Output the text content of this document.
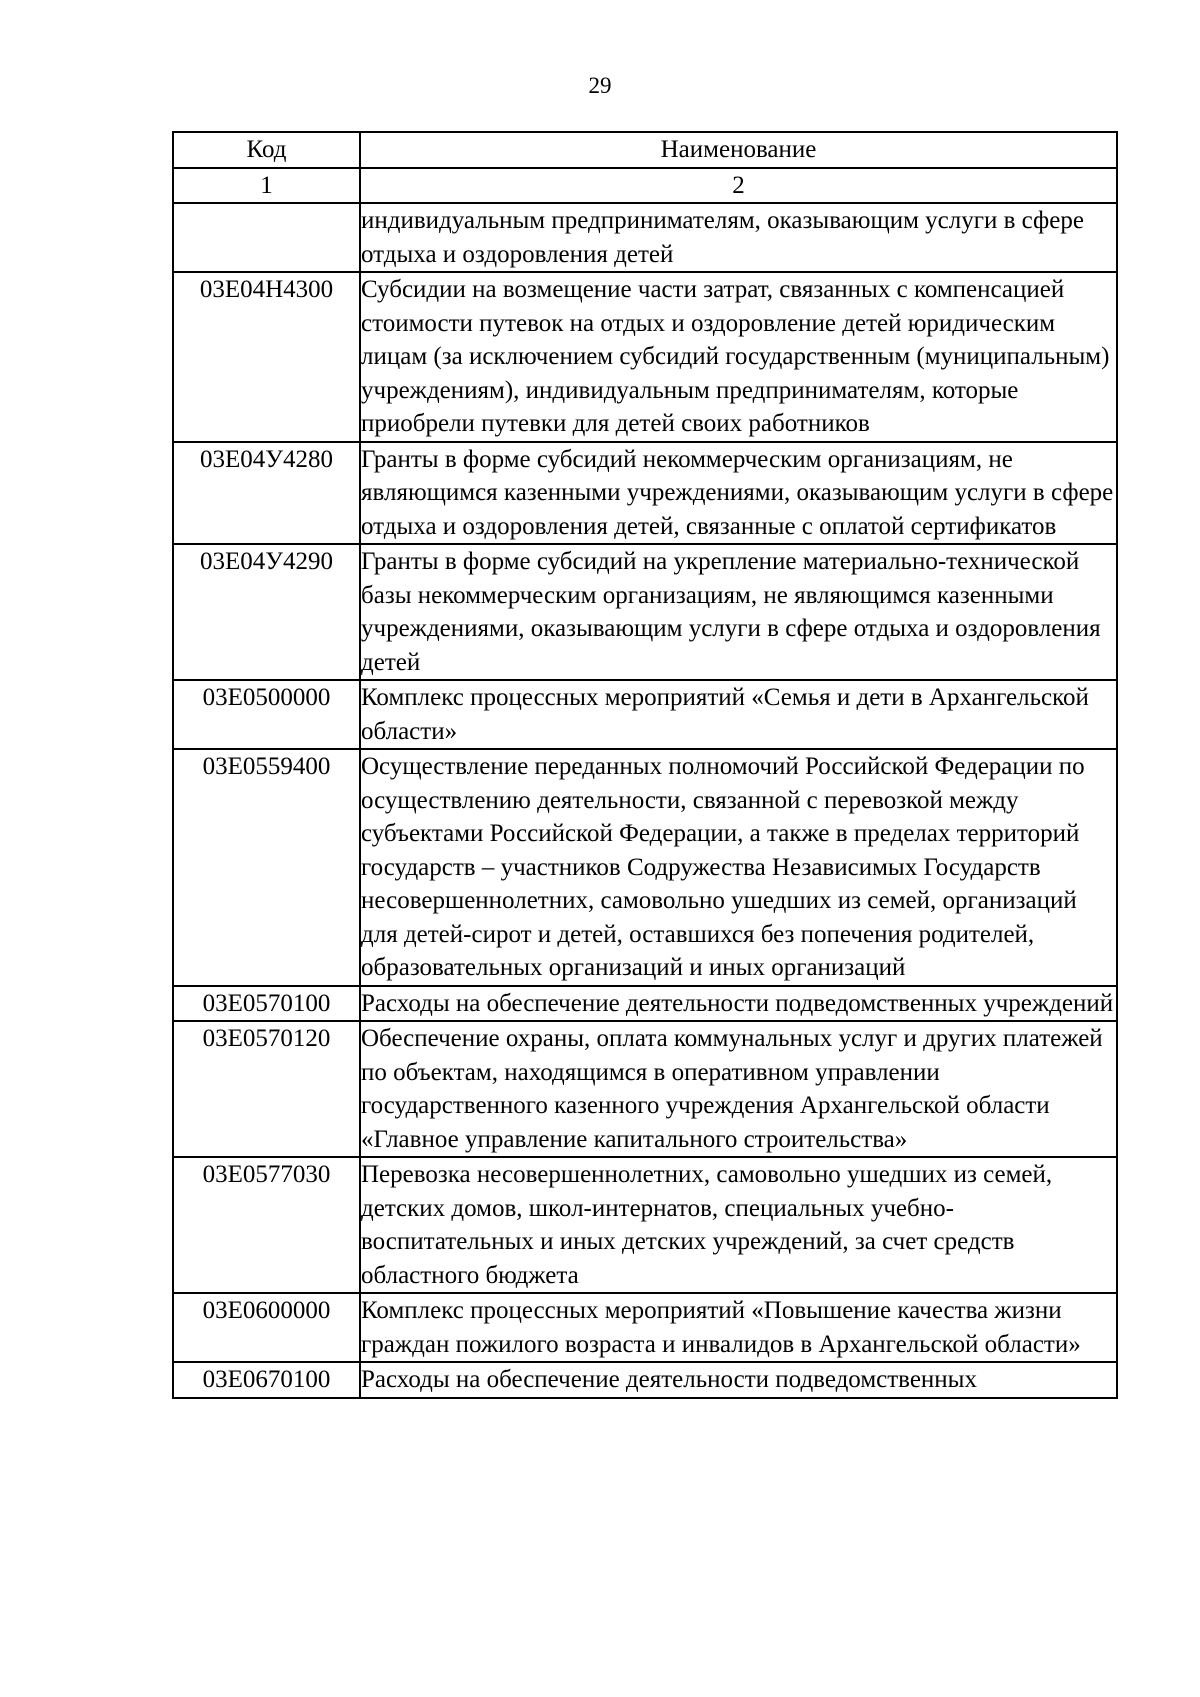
29
Код	Наименование
1	2
	индивидуальным предпринимателям, оказывающим услуги в сфере отдыха и оздоровления детей
03Е04Н4300	Субсидии на возмещение части затрат, связанных с компенсацией стоимости путевок на отдых и оздоровление детей юридическим лицам (за исключением субсидий государственным (муниципальным) учреждениям), индивидуальным предпринимателям, которые приобрели путевки для детей своих работников
03Е04У4280	Гранты в форме субсидий некоммерческим организациям, не являющимся казенными учреждениями, оказывающим услуги в сфере отдыха и оздоровления детей, связанные с оплатой сертификатов
03Е04У4290	Гранты в форме субсидий на укрепление материально-технической базы некоммерческим организациям, не являющимся казенными учреждениями, оказывающим услуги в сфере отдыха и оздоровления детей
03Е0500000	Комплекс процессных мероприятий «Семья и дети в Архангельской области»
03Е0559400	Осуществление переданных полномочий Российской Федерации по осуществлению деятельности, связанной с перевозкой между субъектами Российской Федерации, а также в пределах территорий государств – участников Содружества Независимых Государств несовершеннолетних, самовольно ушедших из семей, организаций для детей-сирот и детей, оставшихся без попечения родителей, образовательных организаций и иных организаций
03Е0570100	Расходы на обеспечение деятельности подведомственных учреждений
03Е0570120	Обеспечение охраны, оплата коммунальных услуг и других платежей по объектам, находящимся в оперативном управлении государственного казенного учреждения Архангельской области «Главное управление капитального строительства»
03Е0577030	Перевозка несовершеннолетних, самовольно ушедших из семей, детских домов, школ-интернатов, специальных учебно-воспитательных и иных детских учреждений, за счет средств областного бюджета
03Е0600000	Комплекс процессных мероприятий «Повышение качества жизни граждан пожилого возраста и инвалидов в Архангельской области»
03Е0670100	Расходы на обеспечение деятельности подведомственных
